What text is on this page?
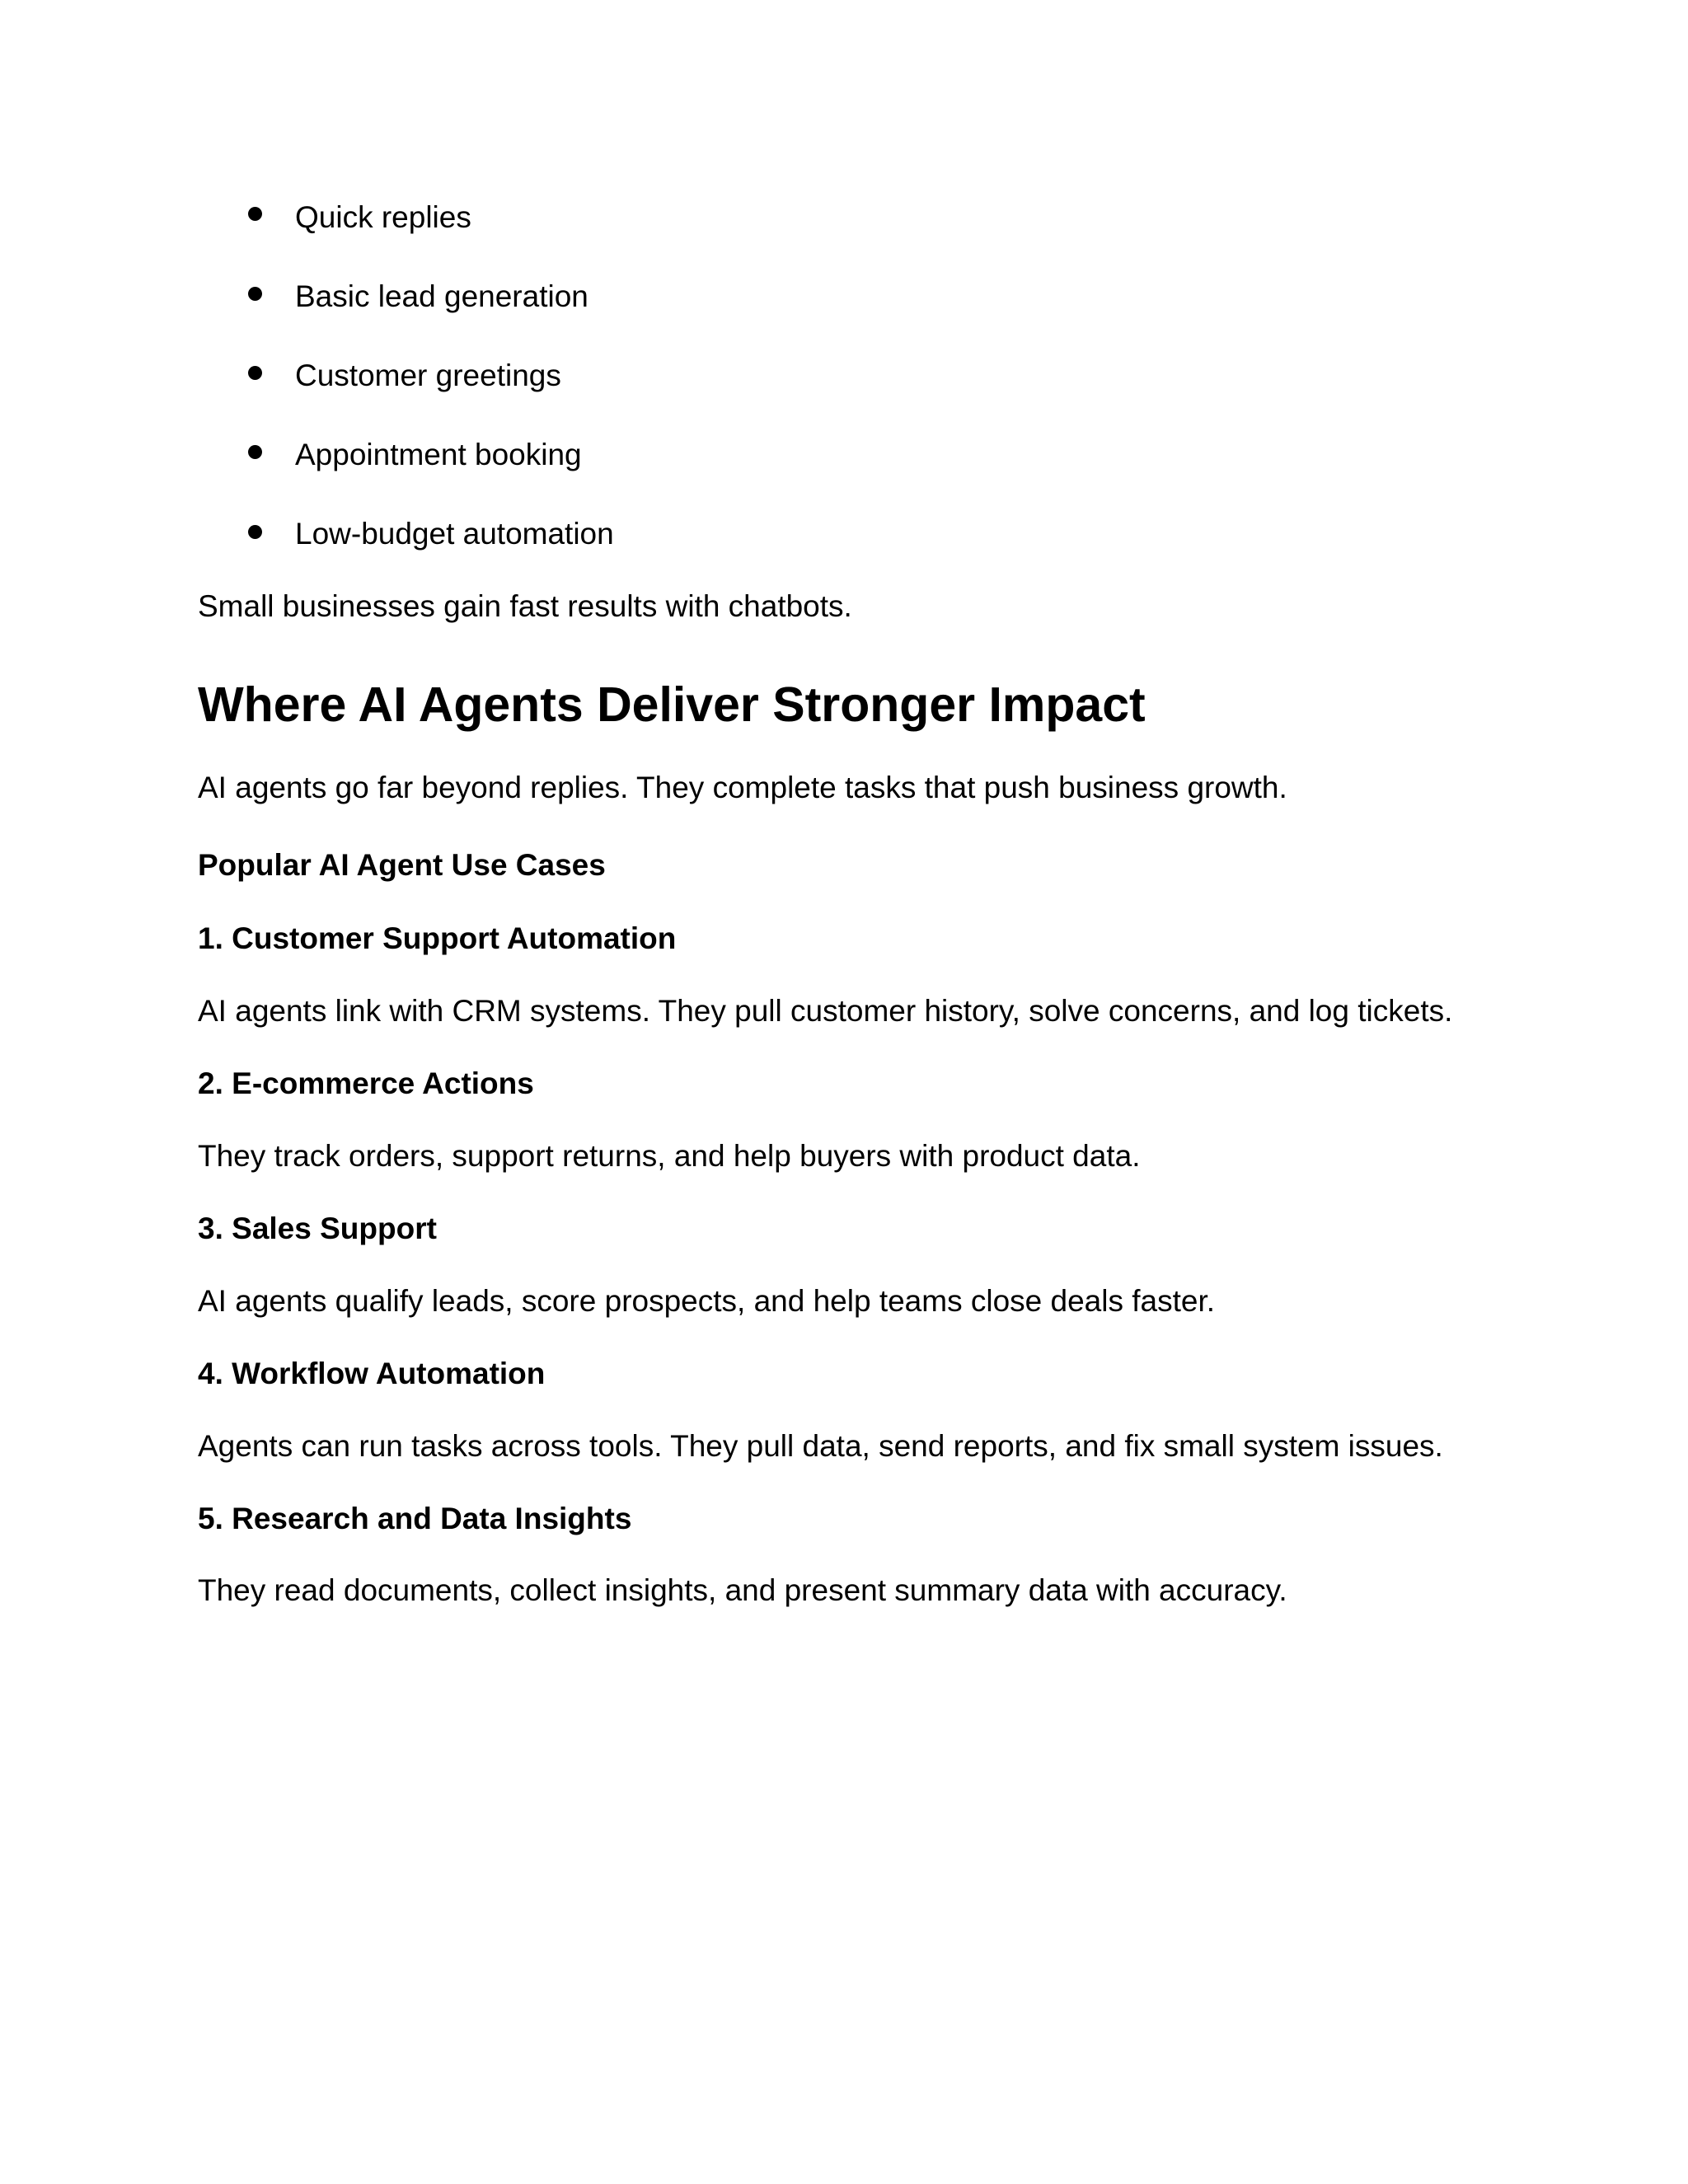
Quick replies

Basic lead generation

Customer greetings

Appointment booking

Low-budget automation

Small businesses gain fast results with chatbots.

Where AI Agents Deliver Stronger Impact

AI agents go far beyond replies. They complete tasks that push business growth.

Popular AI Agent Use Cases
1. Customer Support Automation

AI agents link with CRM systems. They pull customer history, solve concerns, and log tickets.

2. E-commerce Actions

They track orders, support returns, and help buyers with product data.

3. Sales Support

AI agents qualify leads, score prospects, and help teams close deals faster.

4. Workflow Automation

Agents can run tasks across tools. They pull data, send reports, and fix small system issues.

5. Research and Data Insights

They read documents, collect insights, and present summary data with accuracy.
